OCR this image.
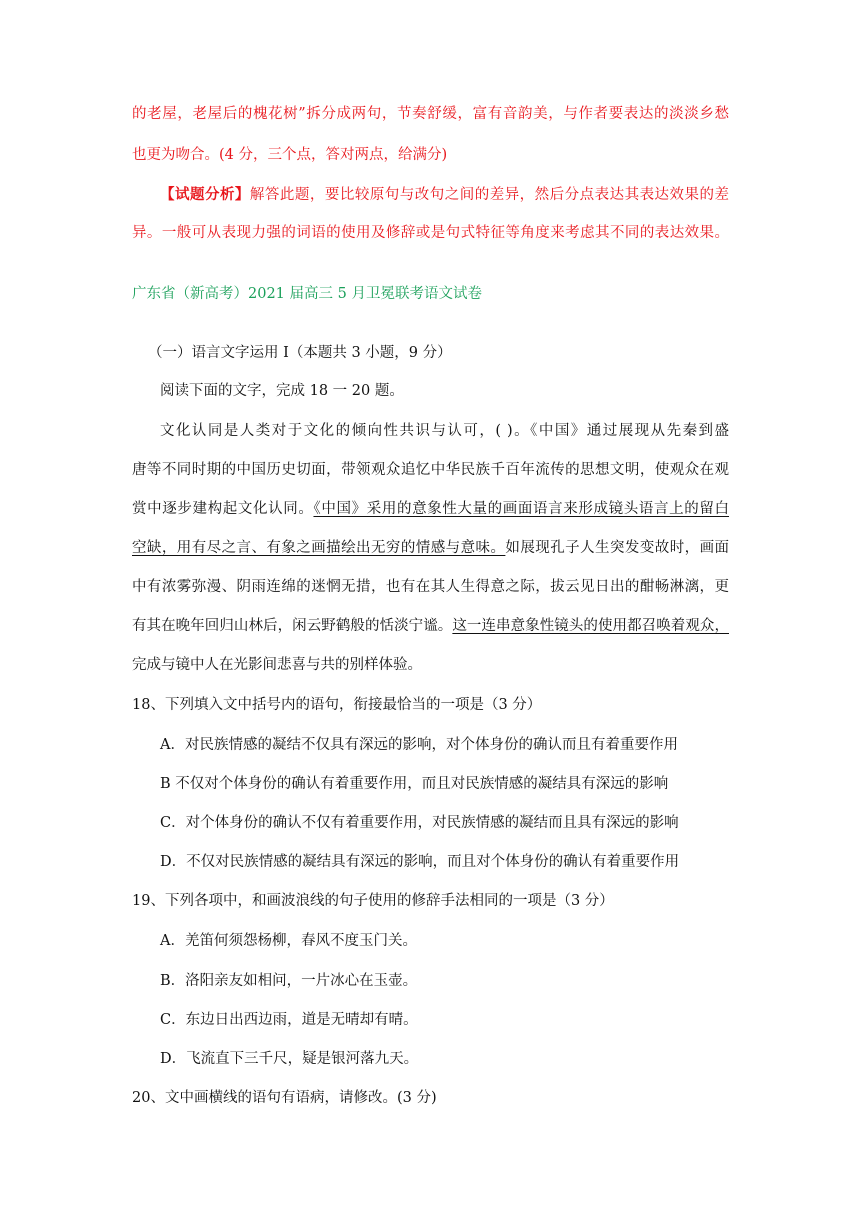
的老屋，老屋后的槐花树”拆分成两句，节奏舒缓，富有音韵美，与作者要表达的淡淡乡愁
也更为吻合。(4 分，三个点，答对两点，给满分)
【试题分析】解答此题，要比较原句与改句之间的差异，然后分点表达其表达效果的差
异。一般可从表现力强的词语的使用及修辞或是句式特征等角度来考虑其不同的表达效果。
广东省（新高考）2021 届高三 5 月卫冕联考语文试卷
（一）语言文字运用 I（本题共 3 小题，9 分）
阅读下面的文字，完成 18 一 20 题。
文化认同是人类对于文化的倾向性共识与认可，( )。《中国》通过展现从先秦到盛
唐等不同时期的中国历史切面，带领观众追忆中华民族千百年流传的思想文明，使观众在观
赏中逐步建构起文化认同。《中国》采用的意象性大量的画面语言来形成镜头语言上的留白
空缺，用有尽之言、有象之画描绘出无穷的情感与意味。如展现孔子人生突发变故时，画面
中有浓雾弥漫、阴雨连绵的迷惘无措，也有在其人生得意之际，拔云见日出的酣畅淋漓，更
有其在晚年回归山林后，闲云野鹤般的恬淡宁谧。这一连串意象性镜头的使用都召唤着观众，
完成与镜中人在光影间悲喜与共的别样体验。
18、下列填入文中括号内的语句，衔接最恰当的一项是（3 分）
A．对民族情感的凝结不仅具有深远的影响，对个体身份的确认而且有着重要作用
B 不仅对个体身份的确认有着重要作用，而且对民族情感的凝结具有深远的影响
C．对个体身份的确认不仅有着重要作用，对民族情感的凝结而且具有深远的影响
D．不仅对民族情感的凝结具有深远的影响，而且对个体身份的确认有着重要作用
19、下列各项中，和画波浪线的句子使用的修辞手法相同的一项是（3 分）
A．羌笛何须怨杨柳，春风不度玉门关。
B．洛阳亲友如相问，一片冰心在玉壶。
C．东边日出西边雨，道是无晴却有晴。
D．飞流直下三千尺，疑是银河落九天。
20、文中画横线的语句有语病，请修改。(3 分)
